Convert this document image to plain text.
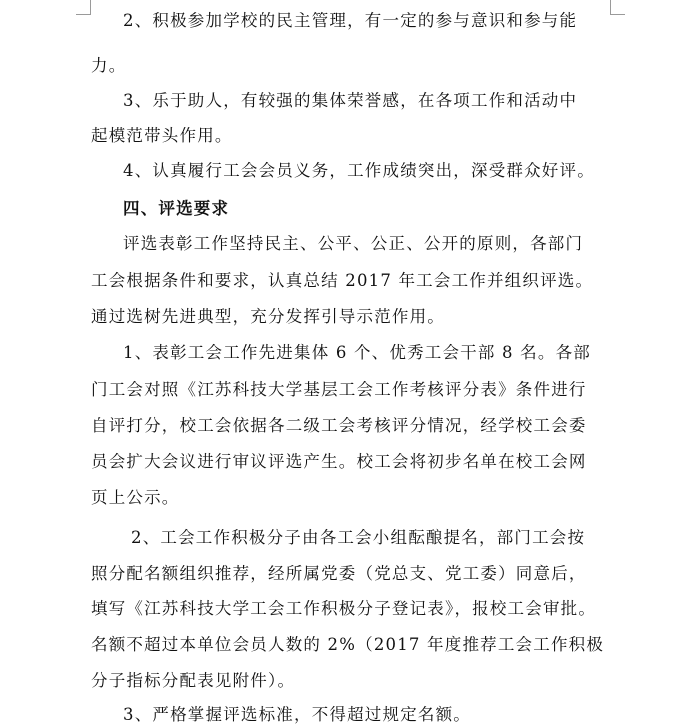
2、积极参加学校的民主管理，有一定的参与意识和参与能
力。
3、乐于助人，有较强的集体荣誉感，在各项工作和活动中
起模范带头作用。
4、认真履行工会会员义务，工作成绩突出，深受群众好评。
四、评选要求
评选表彰工作坚持民主、公平、公正、公开的原则，各部门
工会根据条件和要求，认真总结 2017 年工会工作并组织评选。
通过选树先进典型，充分发挥引导示范作用。
1、表彰工会工作先进集体 6 个、优秀工会干部 8 名。各部
门工会对照《江苏科技大学基层工会工作考核评分表》条件进行
自评打分，校工会依据各二级工会考核评分情况，经学校工会委
员会扩大会议进行审议评选产生。校工会将初步名单在校工会网
页上公示。
2、工会工作积极分子由各工会小组酝酿提名，部门工会按
照分配名额组织推荐，经所属党委（党总支、党工委）同意后，
填写《江苏科技大学工会工作积极分子登记表》，报校工会审批。
名额不超过本单位会员人数的 2%（2017 年度推荐工会工作积极
分子指标分配表见附件）。
3、严格掌握评选标准，不得超过规定名额。
